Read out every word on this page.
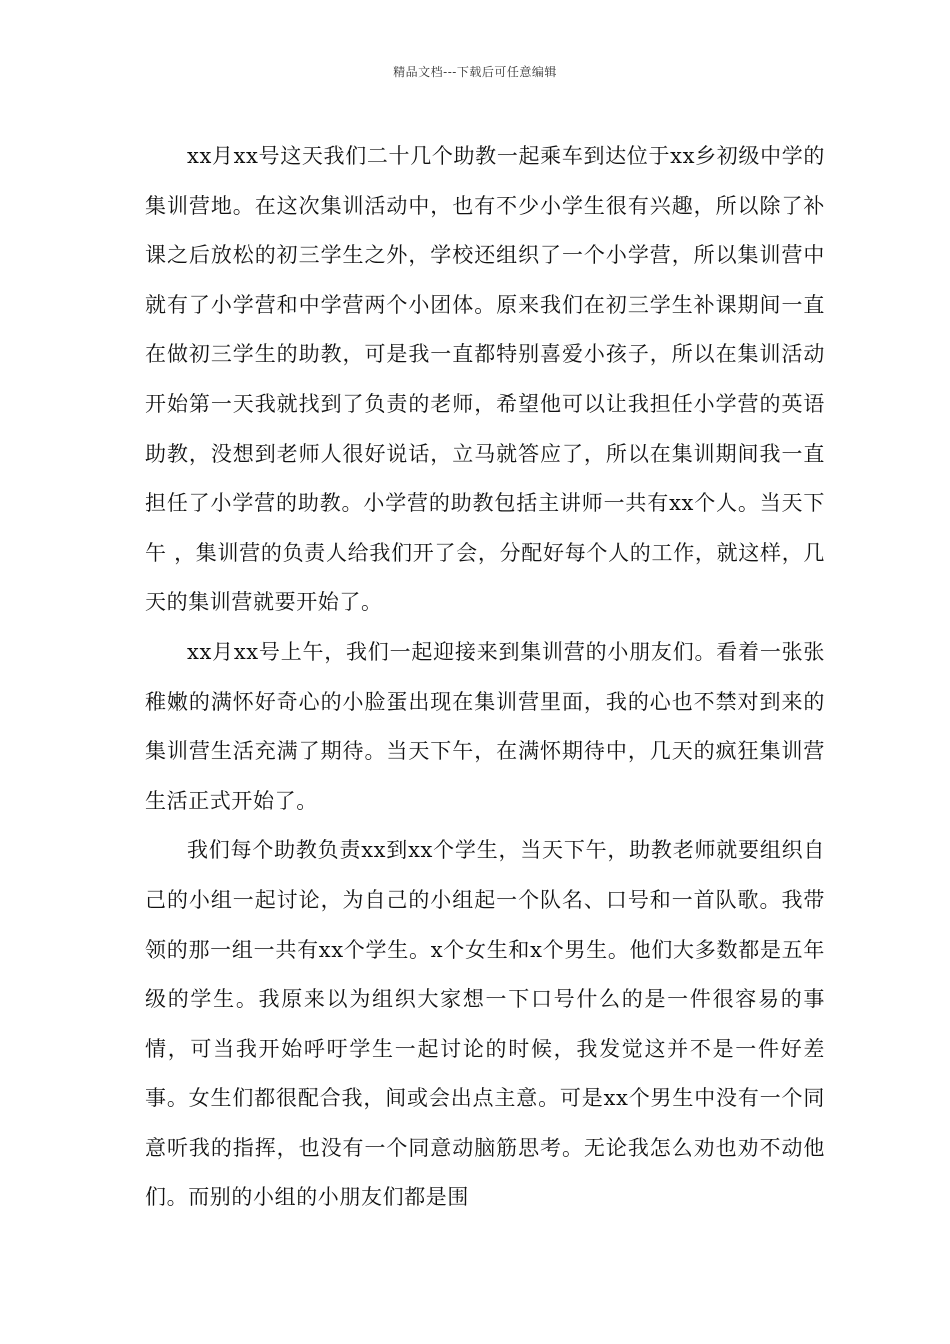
精品文档---下载后可任意编辑

xx月xx号这天我们二十几个助教一起乘车到达位于xx乡初级中学的集训营地。在这次集训活动中，也有不少小学生很有兴趣，所以除了补课之后放松的初三学生之外，学校还组织了一个小学营，所以集训营中就有了小学营和中学营两个小团体。原来我们在初三学生补课期间一直在做初三学生的助教，可是我一直都特别喜爱小孩子，所以在集训活动开始第一天我就找到了负责的老师，希望他可以让我担任小学营的英语助教，没想到老师人很好说话，立马就答应了，所以在集训期间我一直担任了小学营的助教。小学营的助教包括主讲师一共有xx个人。当天下午 ，集训营的负责人给我们开了会，分配好每个人的工作，就这样，几天的集训营就要开始了。

xx月xx号上午，我们一起迎接来到集训营的小朋友们。看着一张张稚嫩的满怀好奇心的小脸蛋出现在集训营里面，我的心也不禁对到来的集训营生活充满了期待。当天下午，在满怀期待中，几天的疯狂集训营生活正式开始了。

我们每个助教负责xx到xx个学生，当天下午，助教老师就要组织自己的小组一起讨论，为自己的小组起一个队名、口号和一首队歌。我带领的那一组一共有xx个学生。x个女生和x个男生。他们大多数都是五年级的学生。我原来以为组织大家想一下口号什么的是一件很容易的事情，可当我开始呼吁学生一起讨论的时候，我发觉这并不是一件好差事。女生们都很配合我，间或会出点主意。可是xx个男生中没有一个同意听我的指挥，也没有一个同意动脑筋思考。无论我怎么劝也劝不动他们。而别的小组的小朋友们都是围
